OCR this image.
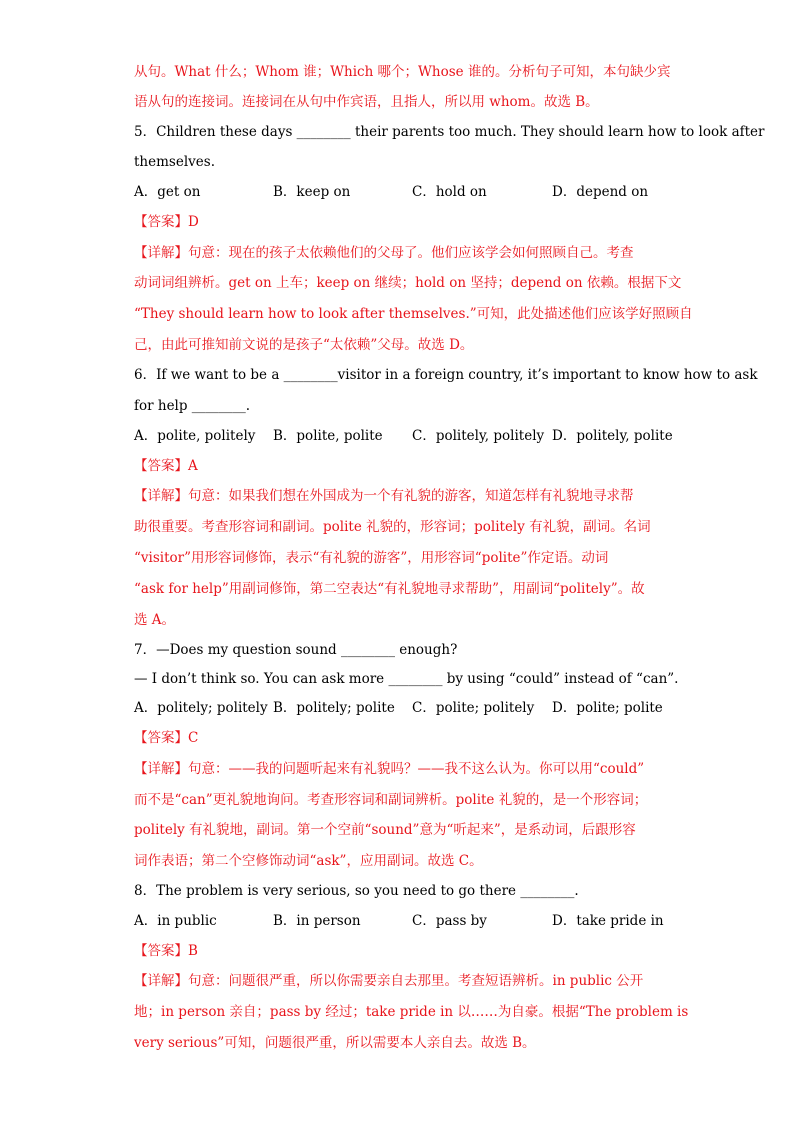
从句。What 什么；Whom 谁；Which 哪个；Whose 谁的。分析句子可知，本句缺少宾
语从句的连接词。连接词在从句中作宾语，且指人，所以用 whom。故选 B。
5．Children these days ________ their parents too much. They should learn how to look after
themselves.
A．get on	B．keep on	C．hold on	D．depend on
【答案】D
【详解】句意：现在的孩子太依赖他们的父母了。他们应该学会如何照顾自己。考查
动词词组辨析。get on 上车；keep on 继续；hold on 坚持；depend on 依赖。根据下文
“They should learn how to look after themselves.”可知，此处描述他们应该学好照顾自
己，由此可推知前文说的是孩子“太依赖”父母。故选 D。
6．If we want to be a ________visitor in a foreign country, it’s important to know how to ask
for help ________.
A．polite, politely B．polite, polite C．politely, politely D．politely, polite
【答案】A
【详解】句意：如果我们想在外国成为一个有礼貌的游客，知道怎样有礼貌地寻求帮
助很重要。考查形容词和副词。polite 礼貌的，形容词；politely 有礼貌，副词。名词
“visitor”用形容词修饰，表示“有礼貌的游客”，用形容词“polite”作定语。动词
“ask for help”用副词修饰，第二空表达“有礼貌地寻求帮助”，用副词“politely”。故
选 A。
7．—Does my question sound ________ enough?
— I don’t think so. You can ask more ________ by using “could” instead of “can”.
A．politely; politely B．politely; polite C．polite; politely D．polite; polite
【答案】C
【详解】句意：——我的问题听起来有礼貌吗？——我不这么认为。你可以用“could”
而不是“can”更礼貌地询问。考查形容词和副词辨析。polite 礼貌的，是一个形容词；
politely 有礼貌地，副词。第一个空前“sound”意为“听起来”，是系动词，后跟形容
词作表语；第二个空修饰动词“ask”，应用副词。故选 C。
8．The problem is very serious, so you need to go there ________.
A．in public	B．in person	C．pass by	D．take pride in
【答案】B
【详解】句意：问题很严重，所以你需要亲自去那里。考查短语辨析。in public 公开
地；in person 亲自；pass by 经过；take pride in 以……为自豪。根据“The problem is
very serious”可知，问题很严重，所以需要本人亲自去。故选 B。
